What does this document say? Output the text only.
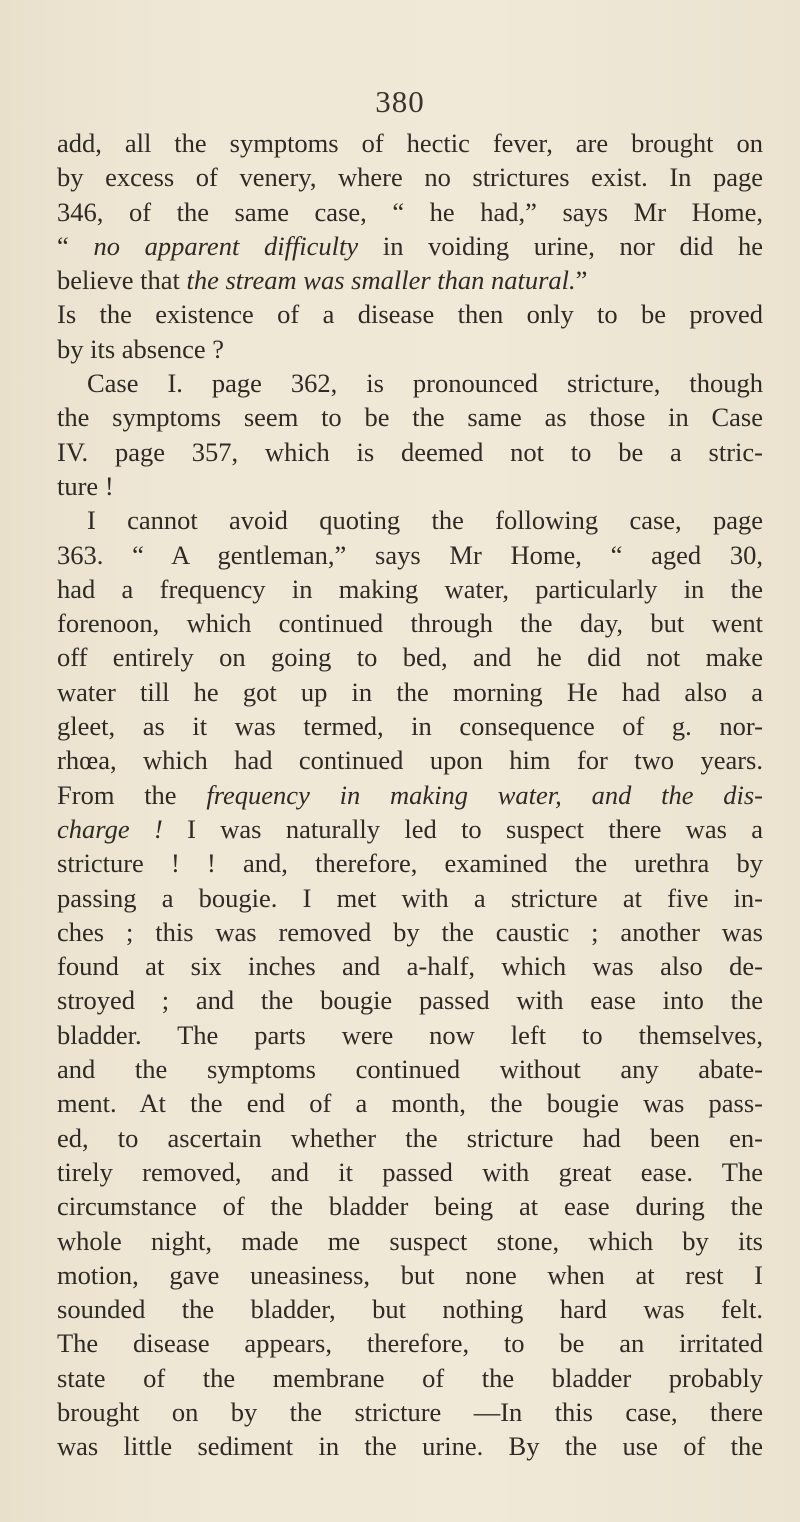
380
add, all the symptoms of hectic fever, are brought on
by excess of venery, where no strictures exist. In page
346, of the same case, “ he had,” says Mr Home,
“ no apparent difficulty in voiding urine, nor did he
believe that the stream was smaller than natural.”
Is the existence of a disease then only to be proved
by its absence ?
Case I. page 362, is pronounced stricture, though
the symptoms seem to be the same as those in Case
IV. page 357, which is deemed not to be a stric-
ture !
I cannot avoid quoting the following case, page
363. “ A gentleman,” says Mr Home, “ aged 30,
had a frequency in making water, particularly in the
forenoon, which continued through the day, but went
off entirely on going to bed, and he did not make
water till he got up in the morning He had also a
gleet, as it was termed, in consequence of g. nor-
rhœa, which had continued upon him for two years.
From the frequency in making water, and the dis-
charge ! I was naturally led to suspect there was a
stricture ! ! and, therefore, examined the urethra by
passing a bougie. I met with a stricture at five in-
ches ; this was removed by the caustic ; another was
found at six inches and a-half, which was also de-
stroyed ; and the bougie passed with ease into the
bladder. The parts were now left to themselves,
and the symptoms continued without any abate-
ment. At the end of a month, the bougie was pass-
ed, to ascertain whether the stricture had been en-
tirely removed, and it passed with great ease. The
circumstance of the bladder being at ease during the
whole night, made me suspect stone, which by its
motion, gave uneasiness, but none when at rest I
sounded the bladder, but nothing hard was felt.
The disease appears, therefore, to be an irritated
state of the membrane of the bladder probably
brought on by the stricture —In this case, there
was little sediment in the urine. By the use of the
